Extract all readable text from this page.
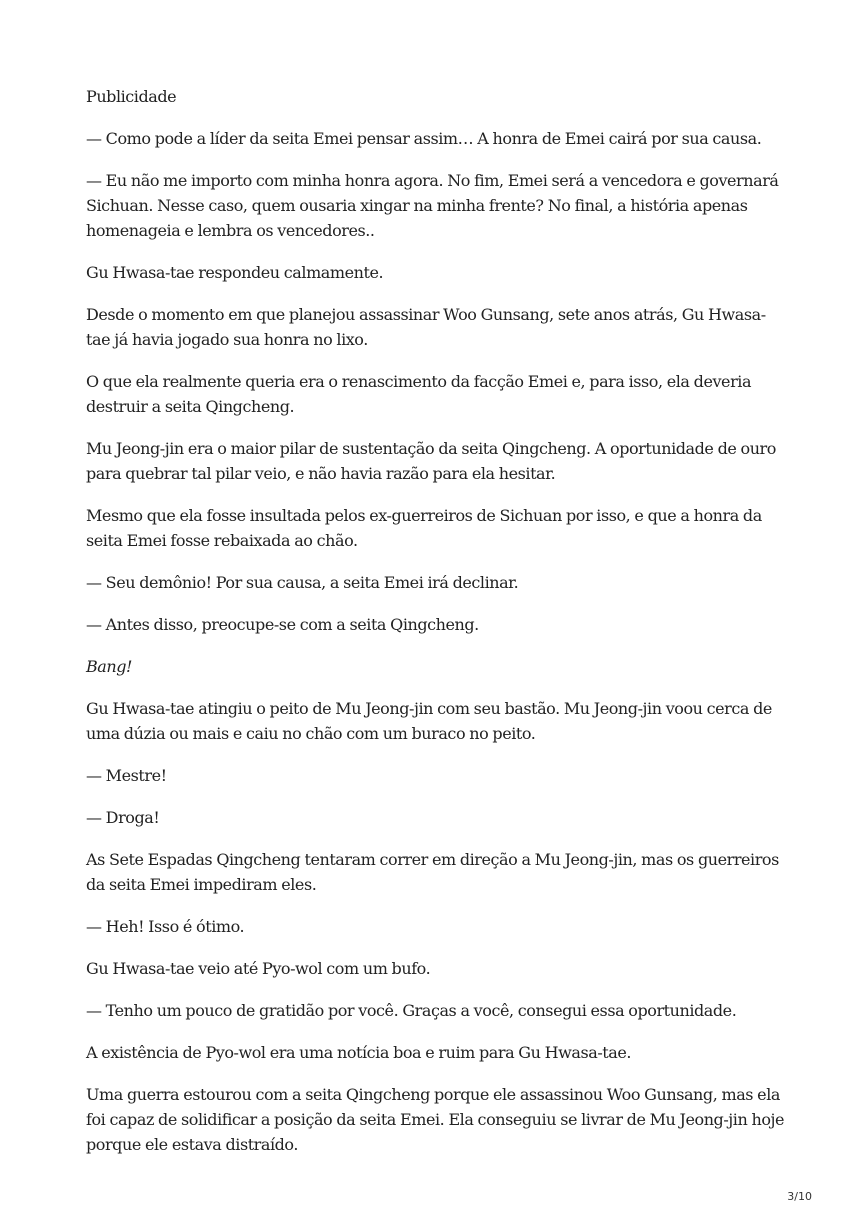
Publicidade

— Como pode a líder da seita Emei pensar assim… A honra de Emei cairá por sua causa.

— Eu não me importo com minha honra agora. No fim, Emei será a vencedora e governará Sichuan. Nesse caso, quem ousaria xingar na minha frente? No final, a história apenas homenageia e lembra os vencedores..

Gu Hwasa-tae respondeu calmamente.

Desde o momento em que planejou assassinar Woo Gunsang, sete anos atrás, Gu Hwasa-tae já havia jogado sua honra no lixo.

O que ela realmente queria era o renascimento da facção Emei e, para isso, ela deveria destruir a seita Qingcheng.

Mu Jeong-jin era o maior pilar de sustentação da seita Qingcheng. A oportunidade de ouro para quebrar tal pilar veio, e não havia razão para ela hesitar.

Mesmo que ela fosse insultada pelos ex-guerreiros de Sichuan por isso, e que a honra da seita Emei fosse rebaixada ao chão.

— Seu demônio! Por sua causa, a seita Emei irá declinar.

— Antes disso, preocupe-se com a seita Qingcheng.

Bang!

Gu Hwasa-tae atingiu o peito de Mu Jeong-jin com seu bastão. Mu Jeong-jin voou cerca de uma dúzia ou mais e caiu no chão com um buraco no peito.

— Mestre!

— Droga!

As Sete Espadas Qingcheng tentaram correr em direção a Mu Jeong-jin, mas os guerreiros da seita Emei impediram eles.

— Heh! Isso é ótimo.

Gu Hwasa-tae veio até Pyo-wol com um bufo.

— Tenho um pouco de gratidão por você. Graças a você, consegui essa oportunidade.

A existência de Pyo-wol era uma notícia boa e ruim para Gu Hwasa-tae.

Uma guerra estourou com a seita Qingcheng porque ele assassinou Woo Gunsang, mas ela foi capaz de solidificar a posição da seita Emei. Ela conseguiu se livrar de Mu Jeong-jin hoje porque ele estava distraído.

3/10
